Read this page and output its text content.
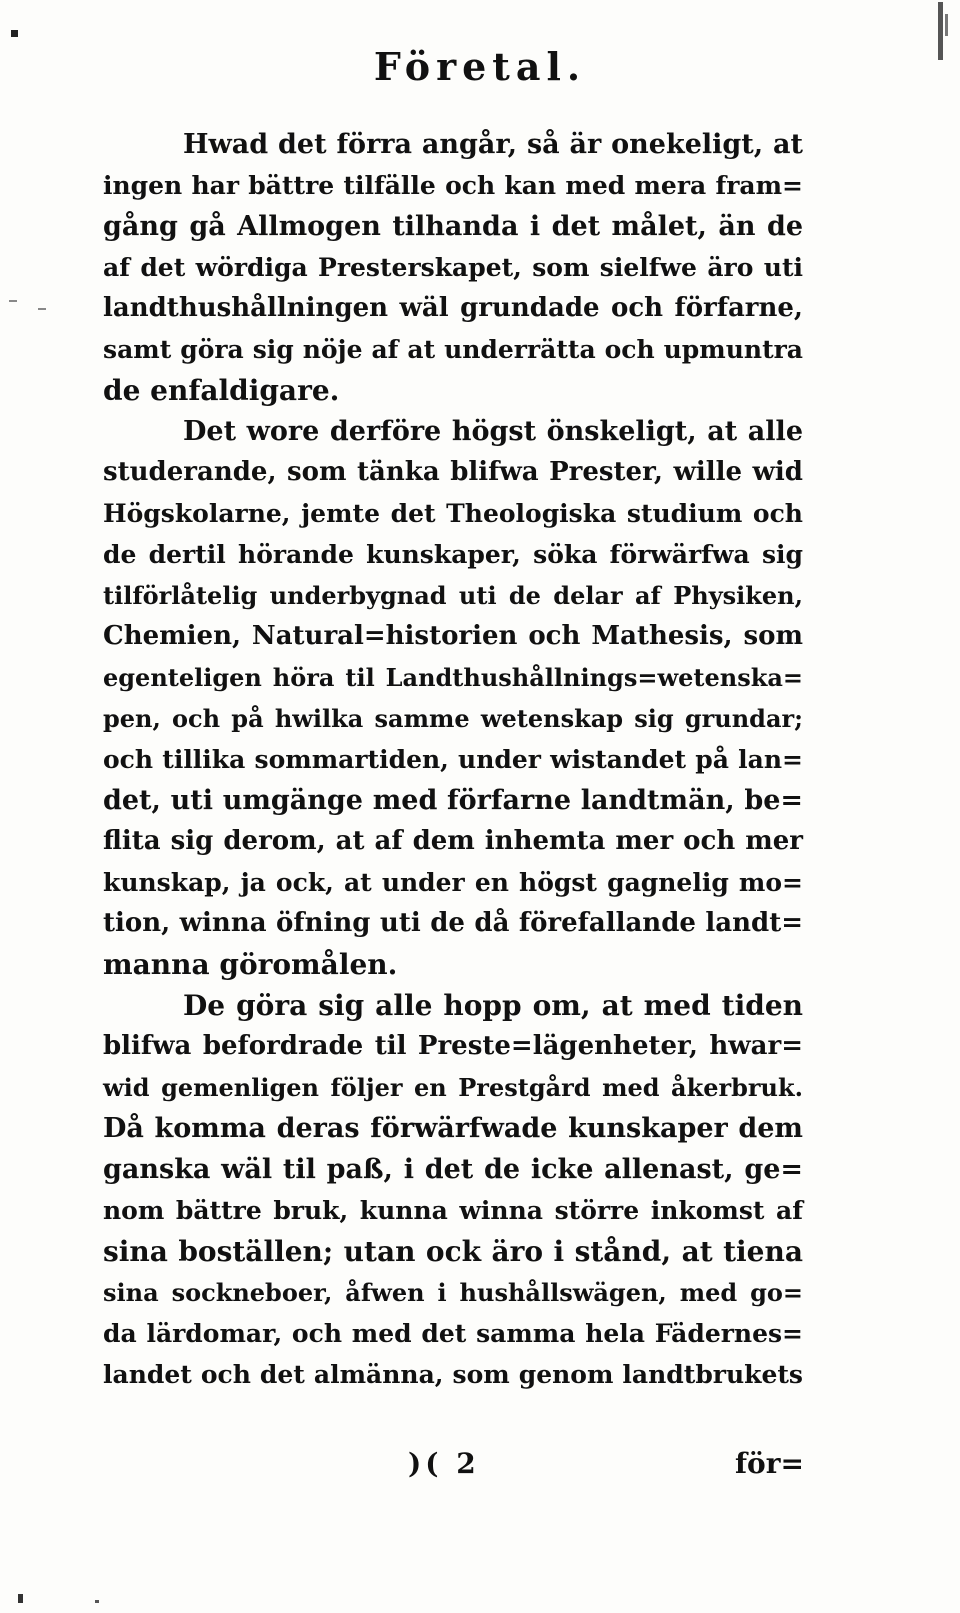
Företal.
Hwad det förra angår, så är onekeligt, at
ingen har bättre tilfälle och kan med mera fram=
gång gå Allmogen tilhanda i det målet, än de
af det wördiga Presterskapet, som sielfwe äro uti
landthushållningen wäl grundade och förfarne,
samt göra sig nöje af at underrätta och upmuntra
de enfaldigare.
Det wore derföre högst önskeligt, at alle
studerande, som tänka blifwa Prester, wille wid
Högskolarne, jemte det Theologiska studium och
de dertil hörande kunskaper, söka förwärfwa sig
tilförlåtelig underbygnad uti de delar af Physiken,
Chemien, Natural=historien och Mathesis, som
egenteligen höra til Landthushållnings=wetenska=
pen, och på hwilka samme wetenskap sig grundar;
och tillika sommartiden, under wistandet på lan=
det, uti umgänge med förfarne landtmän, be=
flita sig derom, at af dem inhemta mer och mer
kunskap, ja ock, at under en högst gagnelig mo=
tion, winna öfning uti de då förefallande landt=
manna göromålen.
De göra sig alle hopp om, at med tiden
blifwa befordrade til Preste=lägenheter, hwar=
wid gemenligen följer en Prestgård med åkerbruk.
Då komma deras förwärfwade kunskaper dem
ganska wäl til paß, i det de icke allenast, ge=
nom bättre bruk, kunna winna större inkomst af
sina boställen; utan ock äro i stånd, at tiena
sina sockneboer, åfwen i hushållswägen, med go=
da lärdomar, och med det samma hela Fädernes=
landet och det almänna, som genom landtbrukets
)( 2	för=
